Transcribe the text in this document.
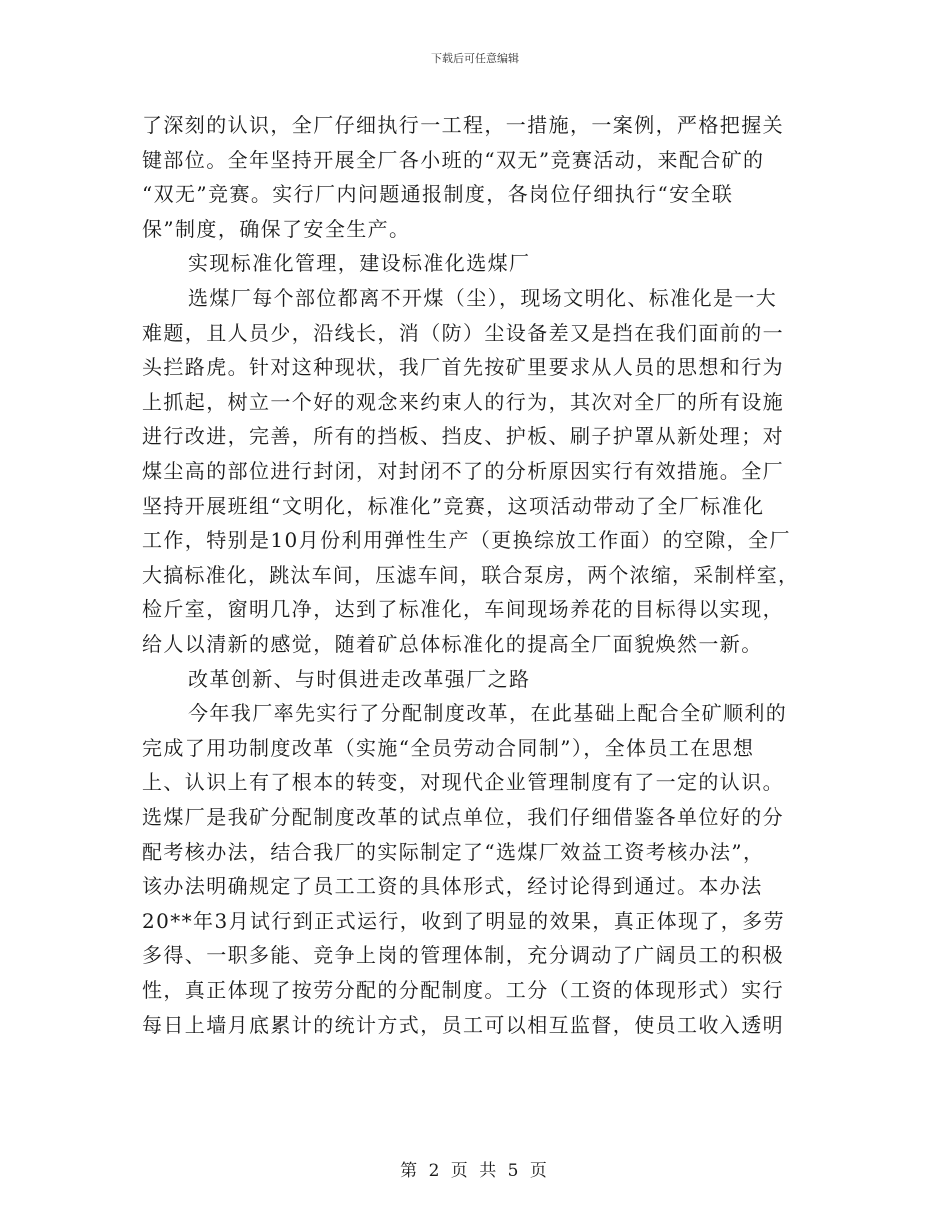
下载后可任意编辑
了深刻的认识，全厂仔细执行一工程，一措施，一案例，严格把握关
键部位。全年坚持开展全厂各小班的“双无”竞赛活动，来配合矿的
“双无”竞赛。实行厂内问题通报制度，各岗位仔细执行“安全联
保”制度，确保了安全生产。
实现标准化管理，建设标准化选煤厂
选煤厂每个部位都离不开煤（尘），现场文明化、标准化是一大
难题，且人员少，沿线长，消（防）尘设备差又是挡在我们面前的一
头拦路虎。针对这种现状，我厂首先按矿里要求从人员的思想和行为
上抓起，树立一个好的观念来约束人的行为，其次对全厂的所有设施
进行改进，完善，所有的挡板、挡皮、护板、刷子护罩从新处理；对
煤尘高的部位进行封闭，对封闭不了的分析原因实行有效措施。全厂
坚持开展班组“文明化，标准化”竞赛，这项活动带动了全厂标准化
工作，特别是10月份利用弹性生产（更换综放工作面）的空隙，全厂
大搞标准化，跳汰车间，压滤车间，联合泵房，两个浓缩，采制样室，
检斤室，窗明几净，达到了标准化，车间现场养花的目标得以实现，
给人以清新的感觉，随着矿总体标准化的提高全厂面貌焕然一新。
改革创新、与时俱进走改革强厂之路
今年我厂率先实行了分配制度改革，在此基础上配合全矿顺利的
完成了用功制度改革（实施“全员劳动合同制”），全体员工在思想
上、认识上有了根本的转变，对现代企业管理制度有了一定的认识。
选煤厂是我矿分配制度改革的试点单位，我们仔细借鉴各单位好的分
配考核办法，结合我厂的实际制定了“选煤厂效益工资考核办法”，
该办法明确规定了员工工资的具体形式，经讨论得到通过。本办法
20**年3月试行到正式运行，收到了明显的效果，真正体现了，多劳
多得、一职多能、竞争上岗的管理体制，充分调动了广阔员工的积极
性，真正体现了按劳分配的分配制度。工分（工资的体现形式）实行
每日上墙月底累计的统计方式，员工可以相互监督，使员工收入透明
第 2 页 共 5 页
